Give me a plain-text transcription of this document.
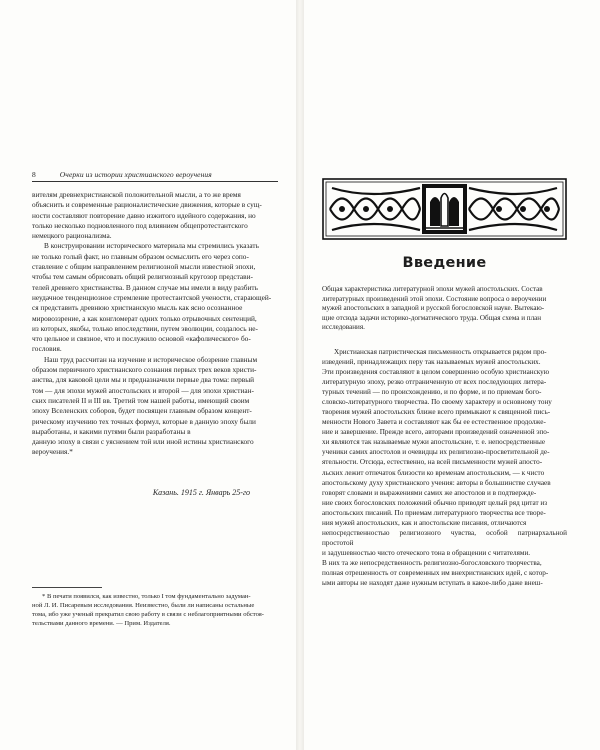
8	Очерки из истории христианского вероучения

вителям древнехристианской положительной мысли, а то же время
объяснить и современные рационалистические движения, которые в сущ-
ности составляют повторение давно изжитого идейного содержания, но
только несколько подновленного под влиянием общепротестантского
немецкого рационализма.

В конструировании исторического материала мы стремились указать
не только голый факт, но главным образом осмыслить его через сопо-
ставление с общим направлением религиозной мысли известной эпохи,
чтобы тем самым обрисовать общий религиозный кругозор представи-
телей древнего христианства. В данном случае мы имели в виду разбить
неудачное тенденциозное стремление протестантской учености, старающей-
ся представить древнюю христианскую мысль как ясно осознанное
мировоззрение, а как конгломерат одних только отрывочных сентенций,
из которых, якобы, только впоследствии, путем эволюции, создалось не-
что цельное и связное, что и послужило основой «кафолического» бо-
гословия.

Наш труд рассчитан на изучение и историческое обозрение главным
образом первичного христианского сознания первых трех веков христи-
анства, для каковой цели мы и предназначили первые два тома: первый
том — для эпохи мужей апостольских и второй — для эпохи христиан-
ских писателей II и III вв. Третий том нашей работы, имеющий своим
эпоху Вселенских соборов, будет посвящен главным образом концент-
рическому изучению тех точных формул, которые в данную эпоху были
выработаны, и какими путями были разработаны в
данную эпоху в связи с уяснением той или иной истины христианского
вероучения.*

Казань. 1915 г. Январь 25-го

* В печати появился, как известно, только I том фундаментально задуман-
ной Л. И. Писаревым исследования. Неизвестно, были ли написаны остальные
тома, ибо уже ученый прекратил свою работу в связи с неблагоприятными обстоя-
тельствами данного времени. — Прим. Издателя.

Введение

Общая характеристика литературной эпохи мужей апостольских. Состав
литературных произведений этой эпохи. Состояние вопроса о вероучении
мужей апостольских в западной и русской богословской науке. Вытекаю-
щие отсюда задачи историко-догматического труда. Общая схема и план
исследования.

Христианская патристическая письменность открывается рядом про-
изведений, принадлежащих перу так называемых мужей апостольских.
Эти произведения составляют в целом совершенно особую христианскую
литературную эпоху, резко отграниченную от всех последующих литера-
турных течений — по происхождению, и по форме, и по приемам бого-
словско-литературного творчества. По своему характеру и основному тону
творения мужей апостольских ближе всего примыкают к священной пись-
менности Нового Завета и составляют как бы ее естественное продолже-
ние и завершение. Прежде всего, авторами произведений означенной эпо-
хи являются так называемые мужи апостольские, т. е. непосредственные
ученики самих апостолов и очевидцы их религиозно-просветительной де-
ятельности. Отсюда, естественно, на всей письменности мужей апосто-
льских лежит отпечаток близости ко временам апостольским, — к чисто
апостольскому духу христианского учения: авторы в большинстве случаев
говорят словами и выражениями самих же апостолов и в подтвержде-
ние своих богословских положений обычно приводят целый ряд цитат из
апостольских писаний. По приемам литературного творчества все творе-
ния мужей апостольских, как и апостольские писания, отличаются
непосредственностью религиозного чувства, особой патриархальной простотой
и задушевностью чисто отеческого тона в обращении с читателями.
В них та же непосредственность религиозно-богословского творчества,
полная отрешенность от современных им внехристианских идей, с котор-
ыми авторы не находят даже нужным вступать в какое-либо даже внеш-
